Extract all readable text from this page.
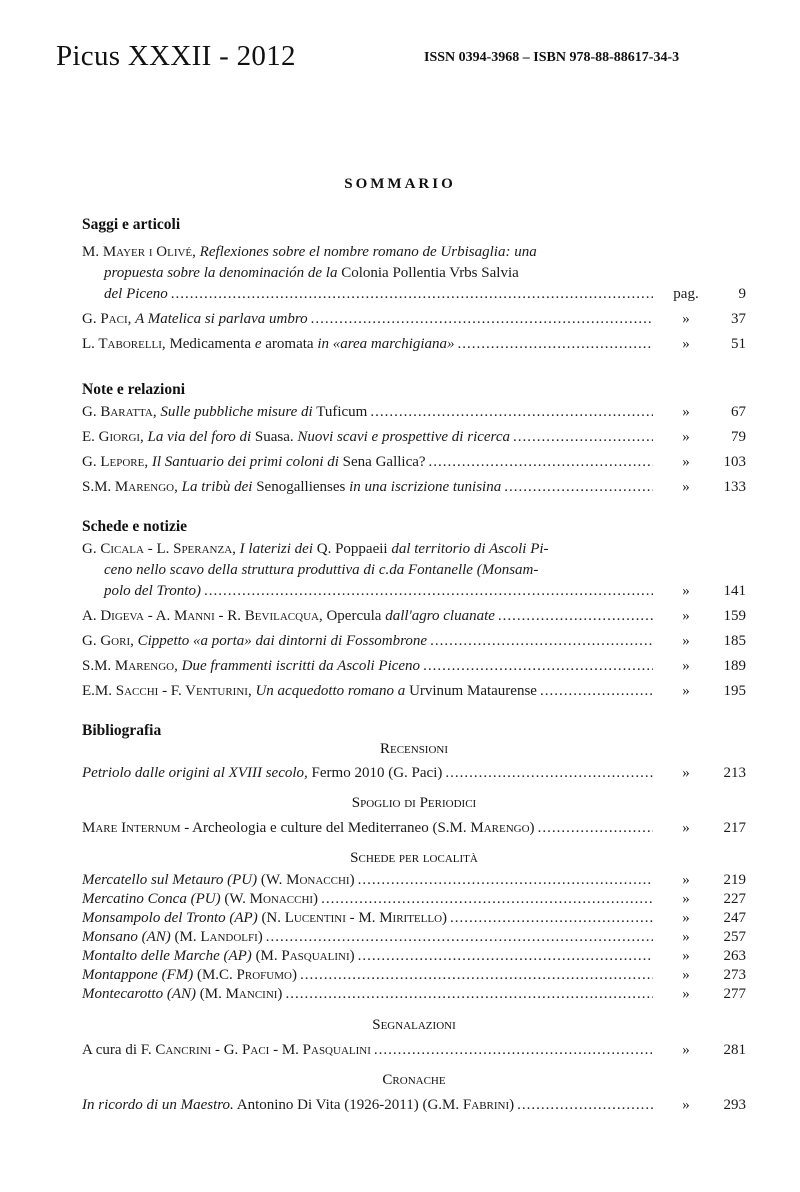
Picus XXXII - 2012	ISSN 0394-3968 – ISBN 978-88-88617-34-3
SOMMARIO
Saggi e articoli
M. Mayer i Olivé, Reflexiones sobre el nombre romano de Urbisaglia: una
propuesta sobre la denominación de la Colonia Pollentia Vrbs Salvia
del Piceno .....	pag.	9
G. Paci, A Matelica si parlava umbro .....	»	37
L. Taborelli, Medicamenta e aromata in «area marchigiana» .....	»	51
Note e relazioni
G. Baratta, Sulle pubbliche misure di Tuficum .....	»	67
E. Giorgi, La via del foro di Suasa. Nuovi scavi e prospettive di ricerca .....	»	79
G. Lepore, Il Santuario dei primi coloni di Sena Gallica? .....	»	103
S.M. Marengo, La tribù dei Senogallienses in una iscrizione tunisina .....	»	133
Schede e notizie
G. Cicala - L. Speranza, I laterizi dei Q. Poppaeii dal territorio di Ascoli Pi-
ceno nello scavo della struttura produttiva di c.da Fontanelle (Monsam-
polo del Tronto) .....	»	141
A. Digeva - A. Manni - R. Bevilacqua, Opercula dall'agro cluanate .....	»	159
G. Gori, Cippetto «a porta» dai dintorni di Fossombrone .....	»	185
S.M. Marengo, Due frammenti iscritti da Ascoli Piceno .....	»	189
E.M. Sacchi - F. Venturini, Un acquedotto romano a Urvinum Mataurense .....	»	195
Bibliografia
Recensioni
Petriolo dalle origini al XVIII secolo, Fermo 2010 (G. Paci) .....	»	213
Spoglio di Periodici
Mare Internum - Archeologia e culture del Mediterraneo (S.M. Marengo) .....	»	217
Schede per località
Mercatello sul Metauro (PU) (W. Monacchi) .....	»	219
Mercatino Conca (PU) (W. Monacchi) .....	»	227
Monsampolo del Tronto (AP) (N. Lucentini - M. Miritello) .....	»	247
Monsano (AN) (M. Landolfi) .....	»	257
Montalto delle Marche (AP) (M. Pasqualini) .....	»	263
Montappone (FM) (M.C. Profumo) .....	»	273
Montecarotto (AN) (M. Mancini) .....	»	277
Segnalazioni
A cura di F. Cancrini - G. Paci - M. Pasqualini .....	»	281
Cronache
In ricordo di un Maestro. Antonino Di Vita (1926-2011) (G.M. Fabrini) .....	»	293
